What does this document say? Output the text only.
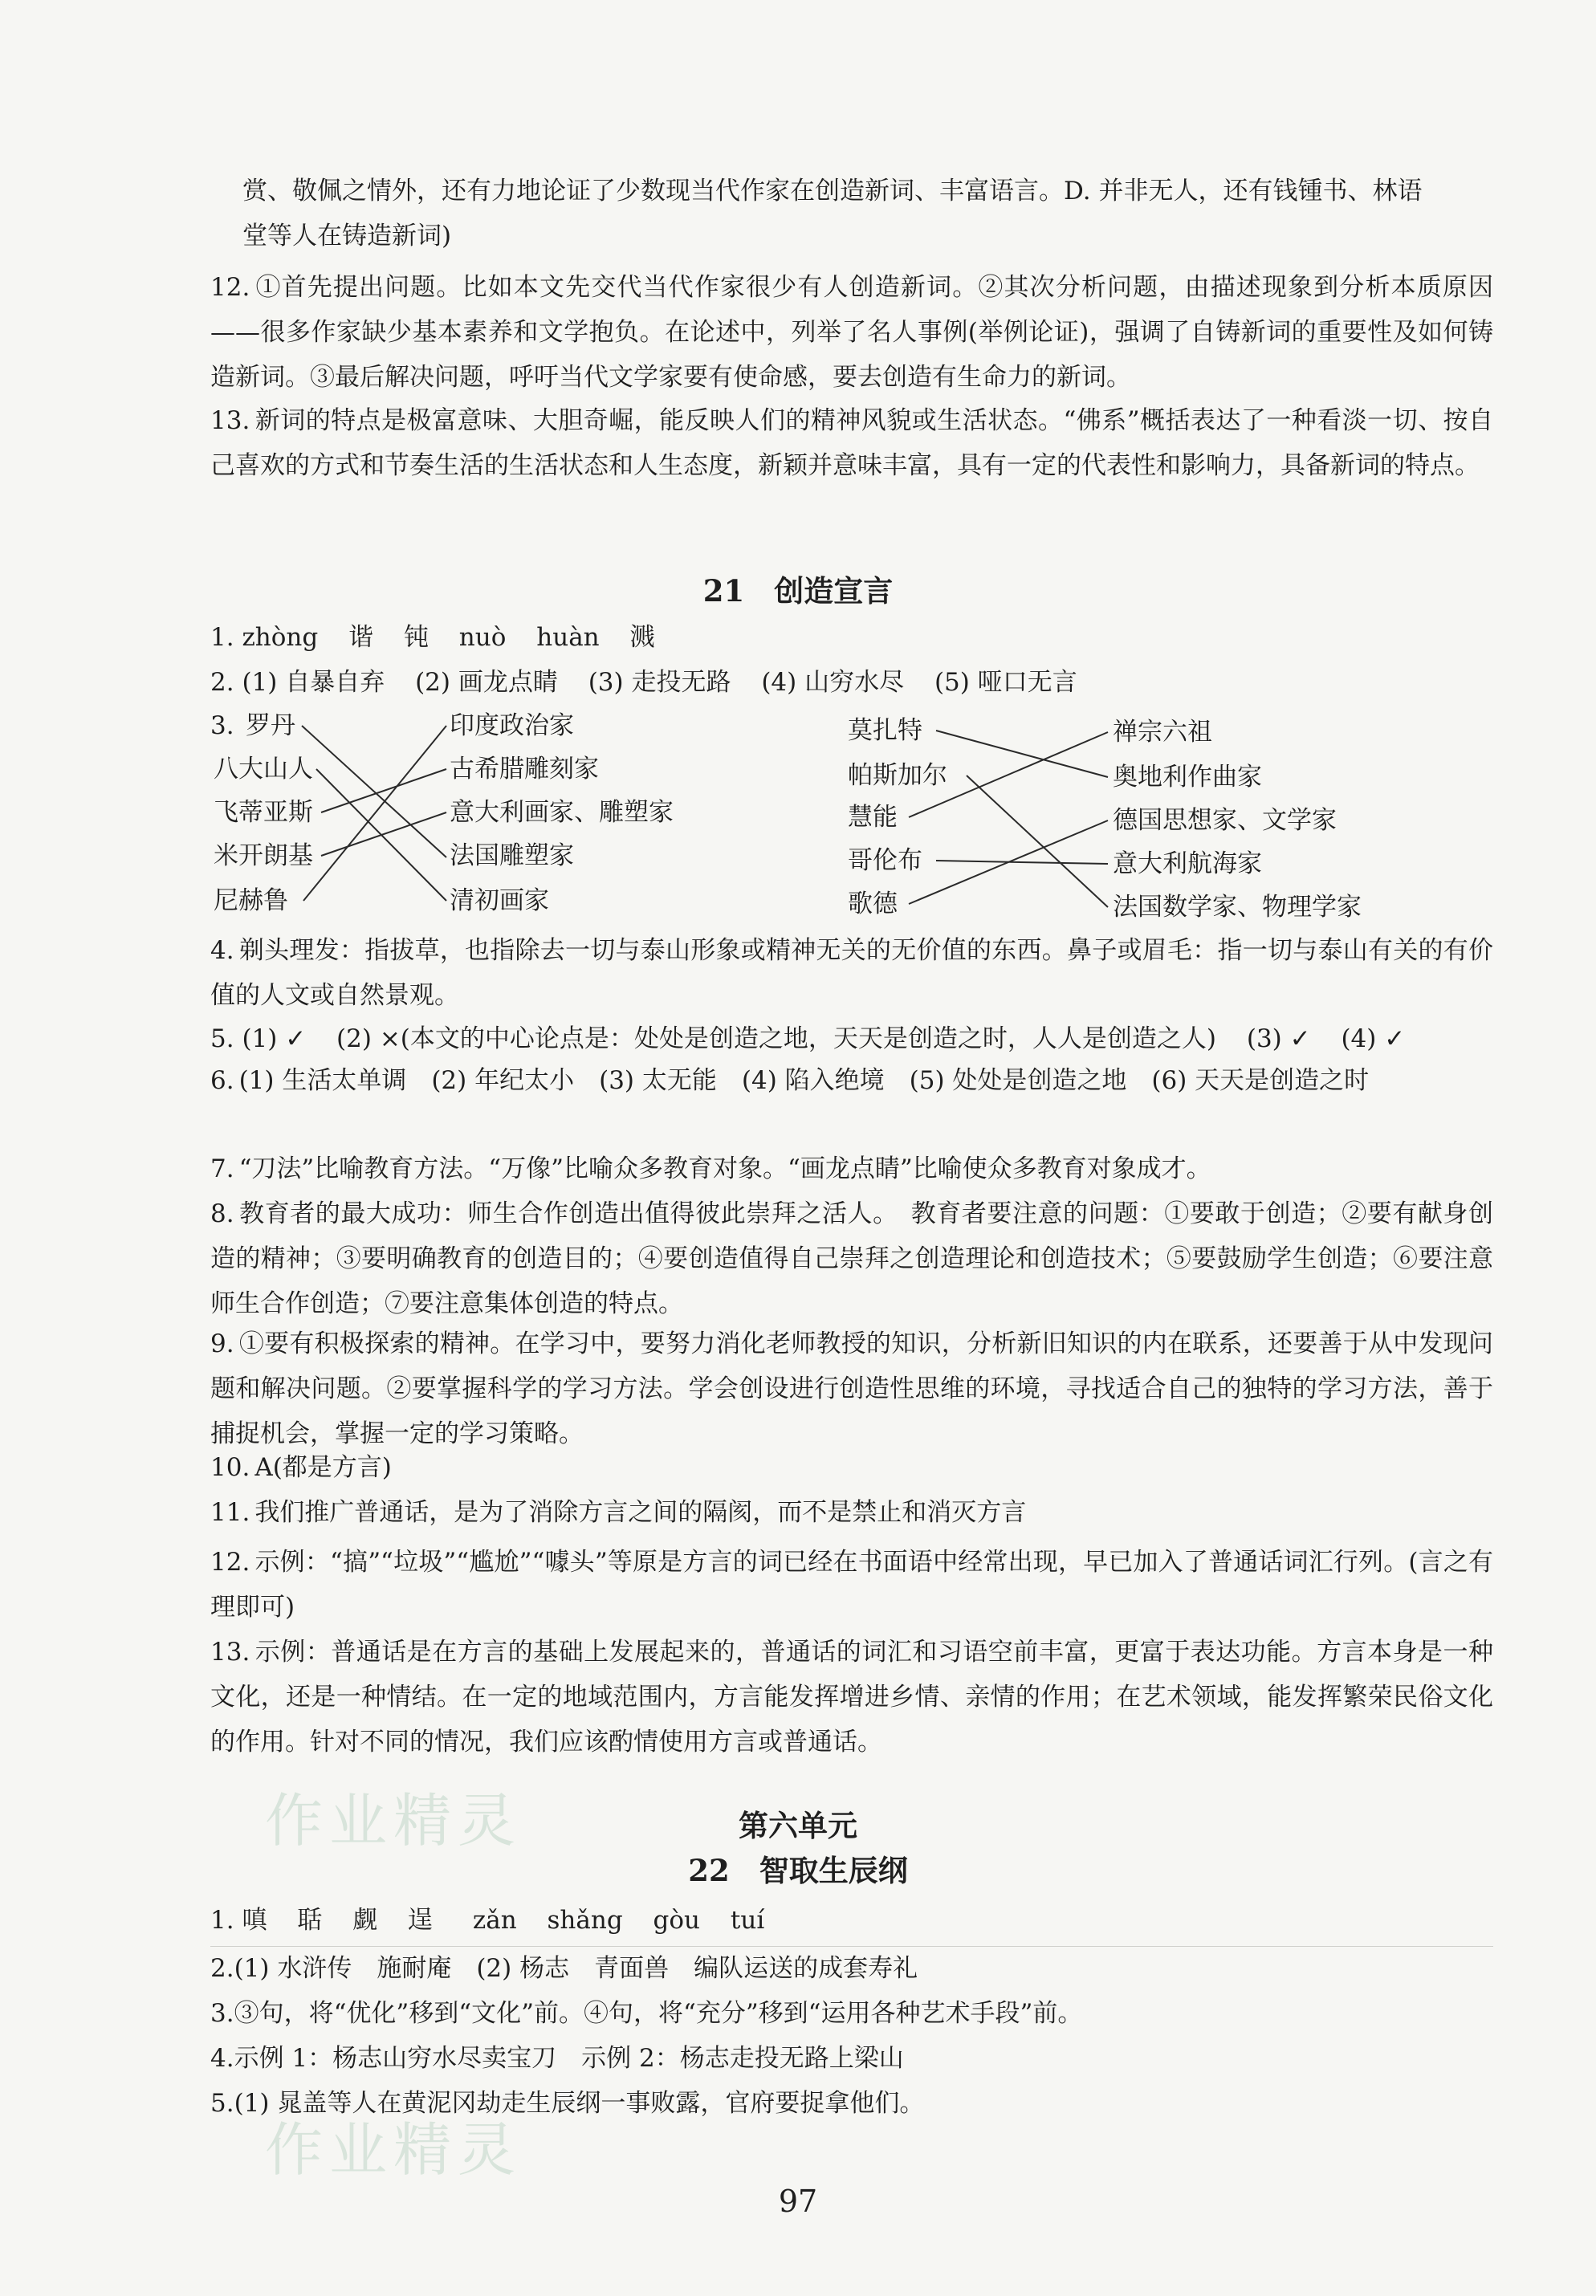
赏、敬佩之情外，还有力地论证了少数现当代作家在创造新词、丰富语言。D. 并非无人，还有钱锺书、林语
堂等人在铸造新词)
12. ①首先提出问题。比如本文先交代当代作家很少有人创造新词。②其次分析问题，由描述现象到分析本质原因——很多作家缺少基本素养和文学抱负。在论述中，列举了名人事例(举例论证)，强调了自铸新词的重要性及如何铸造新词。③最后解决问题，呼吁当代文学家要有使命感，要去创造有生命力的新词。
13. 新词的特点是极富意味、大胆奇崛，能反映人们的精神风貌或生活状态。“佛系”概括表达了一种看淡一切、按自己喜欢的方式和节奏生活的生活状态和人生态度，新颖并意味丰富，具有一定的代表性和影响力，具备新词的特点。
21　创造宣言
1. zhòng 谐 钝 nuò huàn 溅
2. (1) 自暴自弃 (2) 画龙点睛 (3) 走投无路 (4) 山穷水尽 (5) 哑口无言
3. 罗丹
八大山人
飞蒂亚斯
米开朗基
尼赫鲁
印度政治家
古希腊雕刻家
意大利画家、雕塑家
法国雕塑家
清初画家
莫扎特
帕斯加尔
慧能
哥伦布
歌德
禅宗六祖
奥地利作曲家
德国思想家、文学家
意大利航海家
法国数学家、物理学家
4. 剃头理发：指拔草，也指除去一切与泰山形象或精神无关的无价值的东西。鼻子或眉毛：指一切与泰山有关的有价值的人文或自然景观。
5. (1) ✓ (2) ×(本文的中心论点是：处处是创造之地，天天是创造之时，人人是创造之人) (3) ✓ (4) ✓
6. (1) 生活太单调　(2) 年纪太小　(3) 太无能　(4) 陷入绝境　(5) 处处是创造之地　(6) 天天是创造之时
7. “刀法”比喻教育方法。“万像”比喻众多教育对象。“画龙点睛”比喻使众多教育对象成才。
8. 教育者的最大成功：师生合作创造出值得彼此崇拜之活人。　教育者要注意的问题：①要敢于创造；②要有献身创造的精神；③要明确教育的创造目的；④要创造值得自己崇拜之创造理论和创造技术；⑤要鼓励学生创造；⑥要注意师生合作创造；⑦要注意集体创造的特点。
9. ①要有积极探索的精神。在学习中，要努力消化老师教授的知识，分析新旧知识的内在联系，还要善于从中发现问题和解决问题。②要掌握科学的学习方法。学会创设进行创造性思维的环境，寻找适合自己的独特的学习方法，善于捕捉机会，掌握一定的学习策略。
10. A(都是方言)
11. 我们推广普通话，是为了消除方言之间的隔阂，而不是禁止和消灭方言
12. 示例：“搞”“垃圾”“尴尬”“噱头”等原是方言的词已经在书面语中经常出现，早已加入了普通话词汇行列。(言之有理即可)
13. 示例：普通话是在方言的基础上发展起来的，普通话的词汇和习语空前丰富，更富于表达功能。方言本身是一种文化，还是一种情结。在一定的地域范围内，方言能发挥增进乡情、亲情的作用；在艺术领域，能发挥繁荣民俗文化的作用。针对不同的情况，我们应该酌情使用方言或普通话。
作业精灵	第六单元
22　智取生辰纲
1. 嗔 聒 觑 逞 zǎn shǎng gòu tuí
2.(1) 水浒传　施耐庵　(2) 杨志　青面兽　编队运送的成套寿礼
3.③句，将“优化”移到“文化”前。④句，将“充分”移到“运用各种艺术手段”前。
4.示例 1：杨志山穷水尽卖宝刀　示例 2：杨志走投无路上梁山
5.(1) 晁盖等人在黄泥冈劫走生辰纲一事败露，官府要捉拿他们。
作业精灵
97
